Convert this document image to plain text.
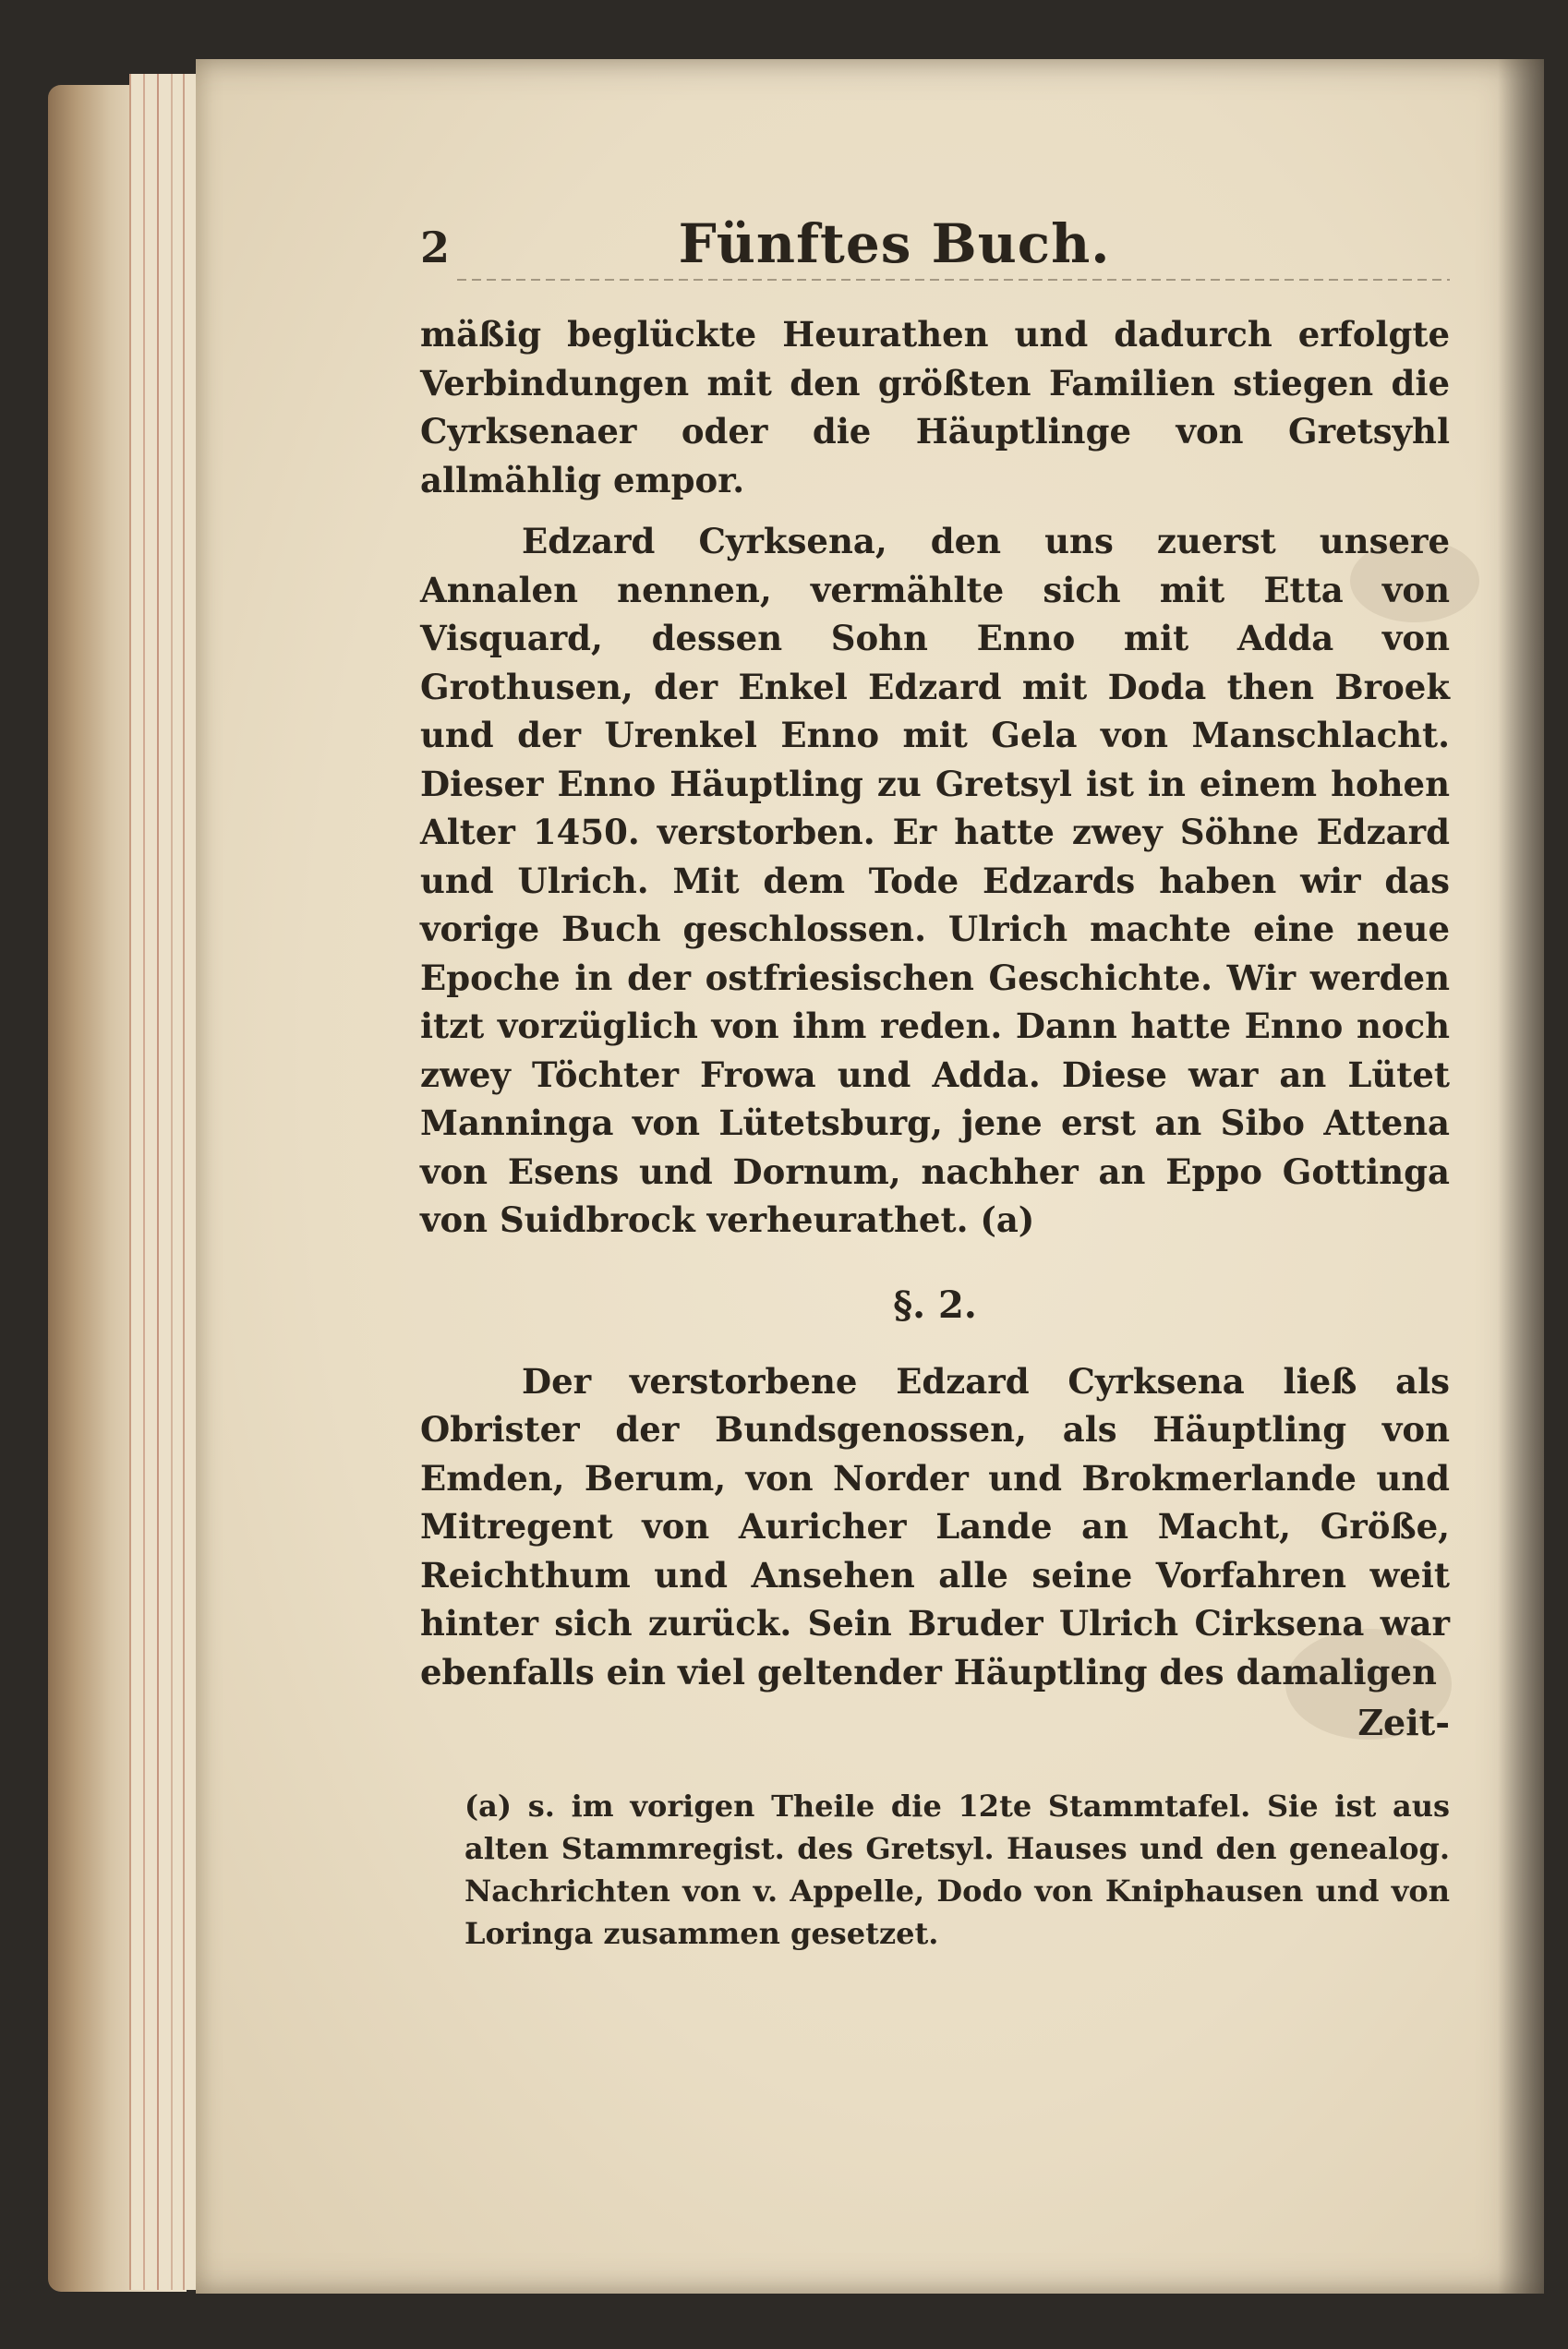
2	Fünftes Buch.

mäßig beglückte Heurathen und dadurch erfolgte Verbindungen mit den größten Familien stiegen die Cyrksenaer oder die Häuptlinge von Gretsyhl allmählig empor.

Edzard Cyrksena, den uns zuerst unsere Annalen nennen, vermählte sich mit Etta von Visquard, dessen Sohn Enno mit Adda von Grothusen, der Enkel Edzard mit Doda then Broek und der Urenkel Enno mit Gela von Manschlacht. Dieser Enno Häuptling zu Gretsyl ist in einem hohen Alter 1450. verstorben. Er hatte zwey Söhne Edzard und Ulrich. Mit dem Tode Edzards haben wir das vorige Buch geschlossen. Ulrich machte eine neue Epoche in der ostfriesischen Geschichte. Wir werden itzt vorzüglich von ihm reden. Dann hatte Enno noch zwey Töchter Frowa und Adda. Diese war an Lütet Manninga von Lütetsburg, jene erst an Sibo Attena von Esens und Dornum, nachher an Eppo Gottinga von Suidbrock verheurathet. (a)

§. 2.

Der verstorbene Edzard Cyrksena ließ als Obrister der Bundsgenossen, als Häuptling von Emden, Berum, von Norder und Brokmerlande und Mitregent von Auricher Lande an Macht, Größe, Reichthum und Ansehen alle seine Vorfahren weit hinter sich zurück. Sein Bruder Ulrich Cirksena war ebenfalls ein viel geltender Häuptling des damaligen

Zeit-
(a) s. im vorigen Theile die 12te Stammtafel. Sie ist aus alten Stammregist. des Gretsyl. Hauses und den genealog. Nachrichten von v. Appelle, Dodo von Kniphausen und von Loringa zusammen gesetzet.
